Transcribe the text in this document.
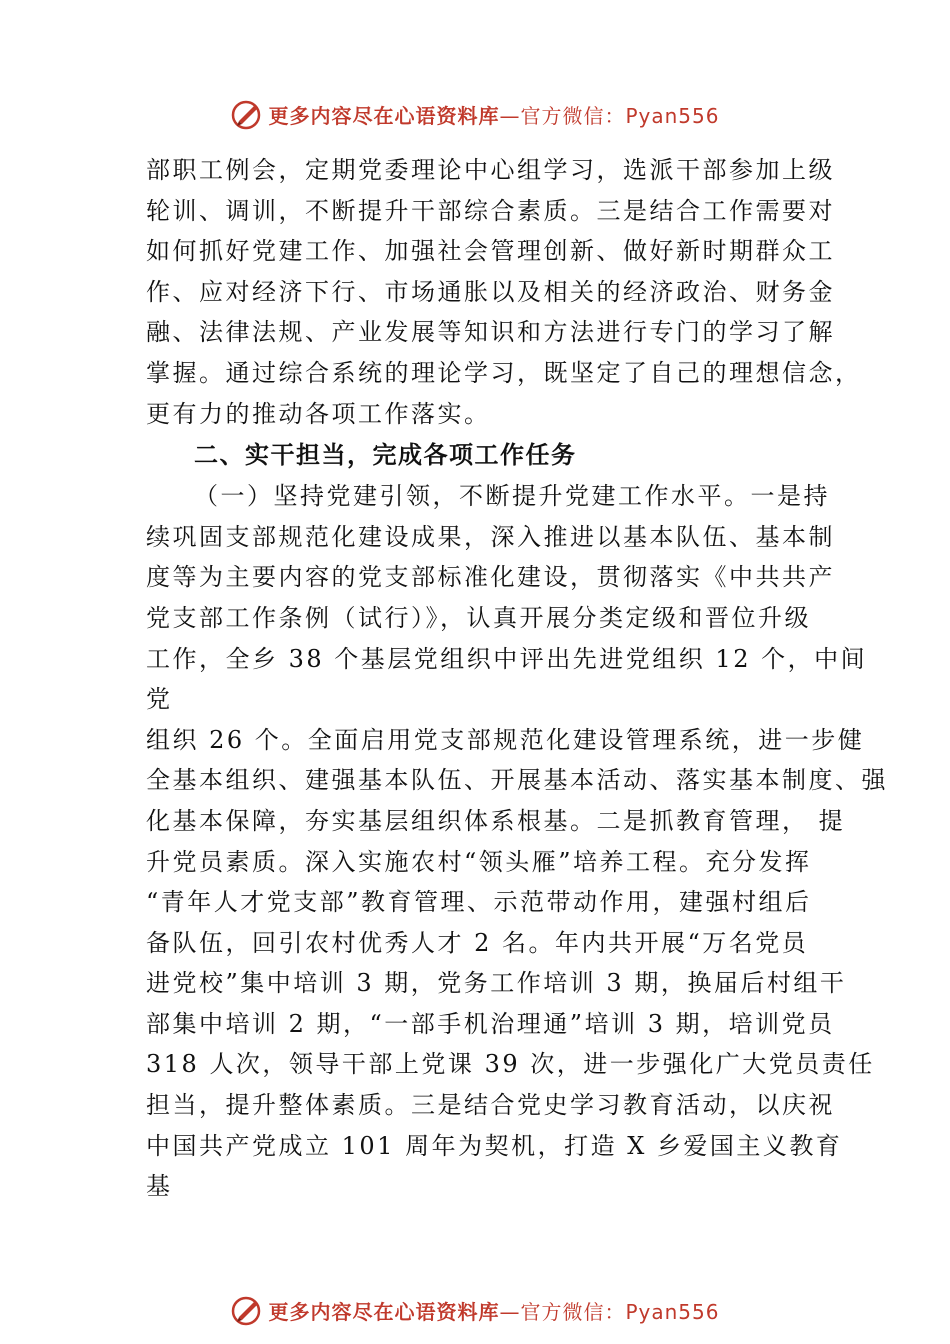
更多内容尽在心语资料库 —官方微信：Pyan556
部职工例会，定期党委理论中心组学习，选派干部参加上级
轮训、调训，不断提升干部综合素质。三是结合工作需要对
如何抓好党建工作、加强社会管理创新、做好新时期群众工
作、应对经济下行、市场通胀以及相关的经济政治、财务金
融、法律法规、产业发展等知识和方法进行专门的学习了解
掌握。通过综合系统的理论学习，既坚定了自己的理想信念，
更有力的推动各项工作落实。
二、实干担当，完成各项工作任务
（一）坚持党建引领，不断提升党建工作水平。一是持
续巩固支部规范化建设成果，深入推进以基本队伍、基本制
度等为主要内容的党支部标准化建设，贯彻落实《中共共产
党支部工作条例（试行）》，认真开展分类定级和晋位升级
工作，全乡 38 个基层党组织中评出先进党组织 12 个，中间
党
组织 26 个。全面启用党支部规范化建设管理系统，进一步健
全基本组织、建强基本队伍、开展基本活动、落实基本制度、强
化基本保障，夯实基层组织体系根基。二是抓教育管理， 提
升党员素质。深入实施农村“领头雁”培养工程。充分发挥
“青年人才党支部”教育管理、示范带动作用，建强村组后
备队伍，回引农村优秀人才 2 名。年内共开展“万名党员
进党校”集中培训 3 期，党务工作培训 3 期，换届后村组干
部集中培训 2 期，“一部手机治理通”培训 3 期，培训党员
318 人次，领导干部上党课 39 次，进一步强化广大党员责任
担当，提升整体素质。三是结合党史学习教育活动，以庆祝
中国共产党成立 101 周年为契机，打造 X 乡爱国主义教育
基
更多内容尽在心语资料库 —官方微信：Pyan556
